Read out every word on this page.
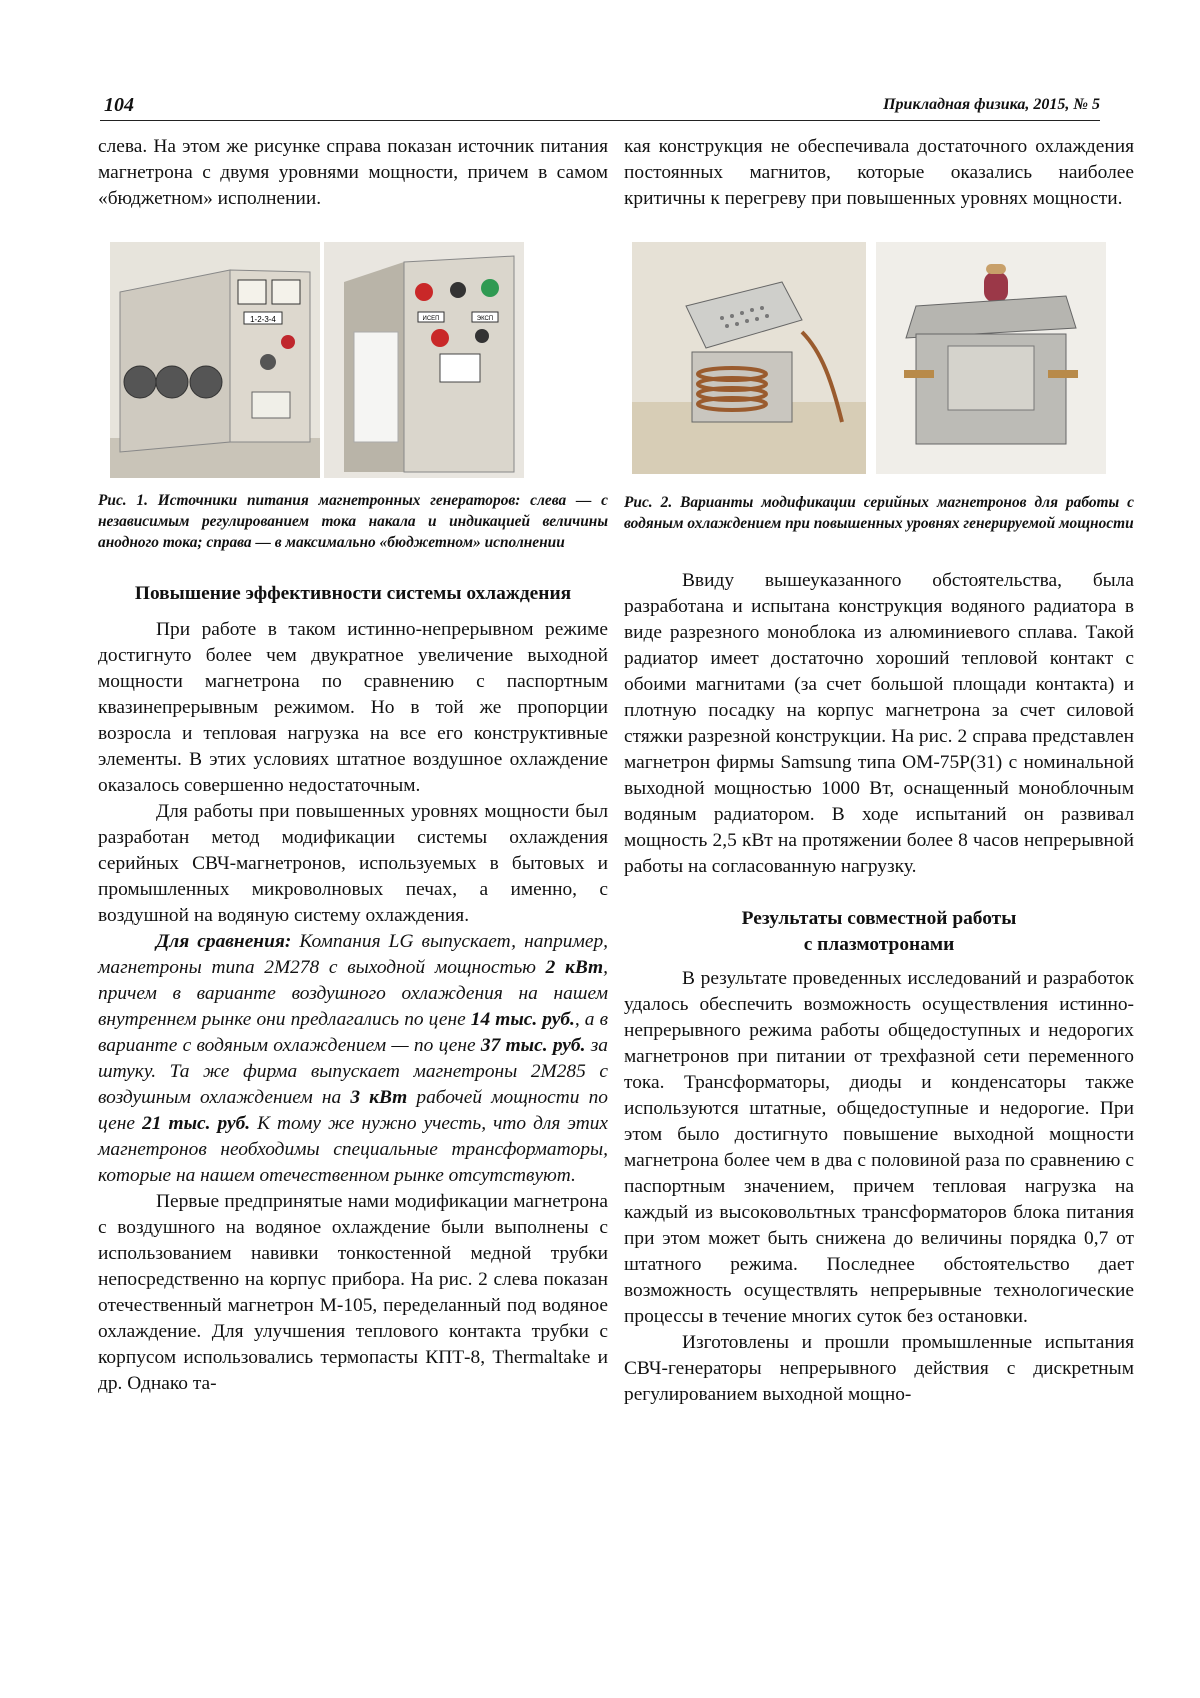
104	Прикладная физика, 2015, № 5

слева. На этом же рисунке справа показан источник питания магнетрона с двумя уровнями мощности, причем в самом «бюджетном» исполнении.

1-2-3-4	ИСЕП	ЭКСП

Рис. 1. Источники питания магнетронных генераторов: слева — с независимым регулированием тока накала и индикацией величины анодного тока; справа — в максимально «бюджетном» исполнении

Повышение эффективности системы охлаждения

При работе в таком истинно-непрерывном режиме достигнуто более чем двукратное увеличение выходной мощности магнетрона по сравнению с паспортным квазинепрерывным режимом. Но в той же пропорции возросла и тепловая нагрузка на все его конструктивные элементы. В этих условиях штатное воздушное охлаждение оказалось совершенно недостаточным.

Для работы при повышенных уровнях мощности был разработан метод модификации системы охлаждения серийных СВЧ-магнетронов, используемых в бытовых и промышленных микроволновых печах, а именно, с воздушной на водяную систему охлаждения.

Для сравнения: Компания LG выпускает, например, магнетроны типа 2M278 с выходной мощностью 2 кВт, причем в варианте воздушного охлаждения на нашем внутреннем рынке они предлагались по цене 14 тыс. руб., а в варианте с водяным охлаждением — по цене 37 тыс. руб. за штуку. Та же фирма выпускает магнетроны 2M285 с воздушным охлаждением на 3 кВт рабочей мощности по цене 21 тыс. руб. К тому же нужно учесть, что для этих магнетронов необходимы специальные трансформаторы, которые на нашем отечественном рынке отсутствуют.

Первые предпринятые нами модификации магнетрона с воздушного на водяное охлаждение были выполнены с использованием навивки тонкостенной медной трубки непосредственно на корпус прибора. На рис. 2 слева показан отечественный магнетрон М-105, переделанный под водяное охлаждение. Для улучшения теплового контакта трубки с корпусом использовались термопасты КПТ-8, Thermaltake и др. Однако та-

кая конструкция не обеспечивала достаточного охлаждения постоянных магнитов, которые оказались наиболее критичны к перегреву при повышенных уровнях мощности.

Рис. 2. Варианты модификации серийных магнетронов для работы с водяным охлаждением при повышенных уровнях генерируемой мощности

Ввиду вышеуказанного обстоятельства, была разработана и испытана конструкция водяного радиатора в виде разрезного моноблока из алюминиевого сплава. Такой радиатор имеет достаточно хороший тепловой контакт с обоими магнитами (за счет большой площади контакта) и плотную посадку на корпус магнетрона за счет силовой стяжки разрезной конструкции. На рис. 2 справа представлен магнетрон фирмы Samsung типа OM-75P(31) с номинальной выходной мощностью 1000 Вт, оснащенный моноблочным водяным радиатором. В ходе испытаний он развивал мощность 2,5 кВт на протяжении более 8 часов непрерывной работы на согласованную нагрузку.

Результаты совместной работы
с плазмотронами

В результате проведенных исследований и разработок удалось обеспечить возможность осуществления истинно-непрерывного режима работы общедоступных и недорогих магнетронов при питании от трехфазной сети переменного тока. Трансформаторы, диоды и конденсаторы также используются штатные, общедоступные и недорогие. При этом было достигнуто повышение выходной мощности магнетрона более чем в два с половиной раза по сравнению с паспортным значением, причем тепловая нагрузка на каждый из высоковольтных трансформаторов блока питания при этом может быть снижена до величины порядка 0,7 от штатного режима. Последнее обстоятельство дает возможность осуществлять непрерывные технологические процессы в течение многих суток без остановки.

Изготовлены и прошли промышленные испытания СВЧ-генераторы непрерывного действия с дискретным регулированием выходной мощно-
